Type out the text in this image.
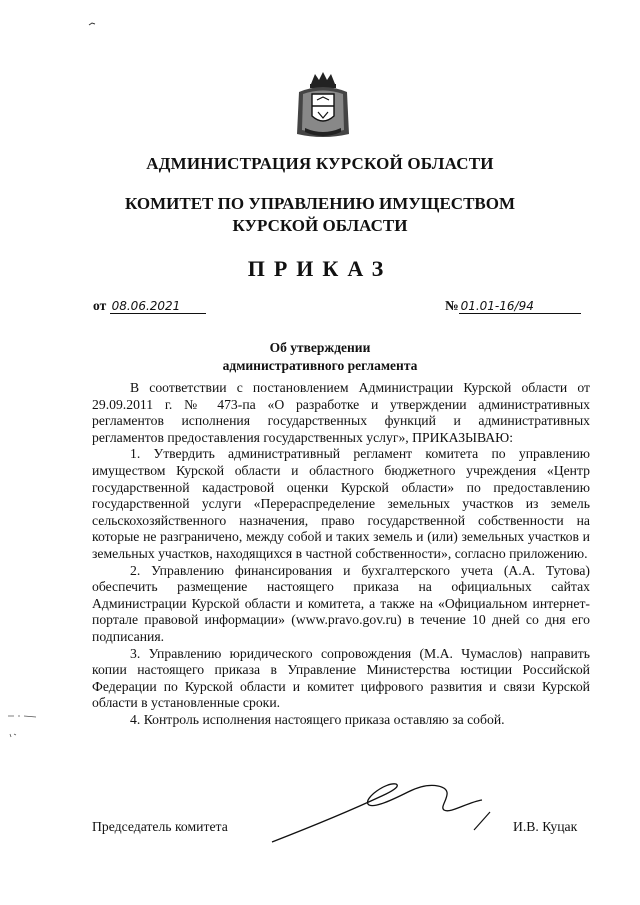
АДМИНИСТРАЦИЯ КУРСКОЙ ОБЛАСТИ
КОМИТЕТ ПО УПРАВЛЕНИЮ ИМУЩЕСТВОМ
КУРСКОЙ ОБЛАСТИ
ПРИКАЗ
от 08.06.2021	№ 01.01-16/94
Об утверждении
административного регламента

В соответствии с постановлением Администрации Курской области от 29.09.2011 г. № 473-па «О разработке и утверждении административных регламентов исполнения государственных функций и административных регламентов предоставления государственных услуг», ПРИКАЗЫВАЮ:

1. Утвердить административный регламент комитета по управлению имуществом Курской области и областного бюджетного учреждения «Центр государственной кадастровой оценки Курской области» по предоставлению государственной услуги «Перераспределение земельных участков из земель сельскохозяйственного назначения, право государственной собственности на которые не разграничено, между собой и таких земель и (или) земельных участков и земельных участков, находящихся в частной собственности», согласно приложению.

2. Управлению финансирования и бухгалтерского учета (А.А. Тутова) обеспечить размещение настоящего приказа на официальных сайтах Администрации Курской области и комитета, а также на «Официальном интернет-портале правовой информации» (www.pravo.gov.ru) в течение 10 дней со дня его подписания.

3. Управлению юридического сопровождения (М.А. Чумаслов) направить копии настоящего приказа в Управление Министерства юстиции Российской Федерации по Курской области и комитет цифрового развития и связи Курской области в установленные сроки.

4. Контроль исполнения настоящего приказа оставляю за собой.

Председатель комитета	И.В. Куцак
